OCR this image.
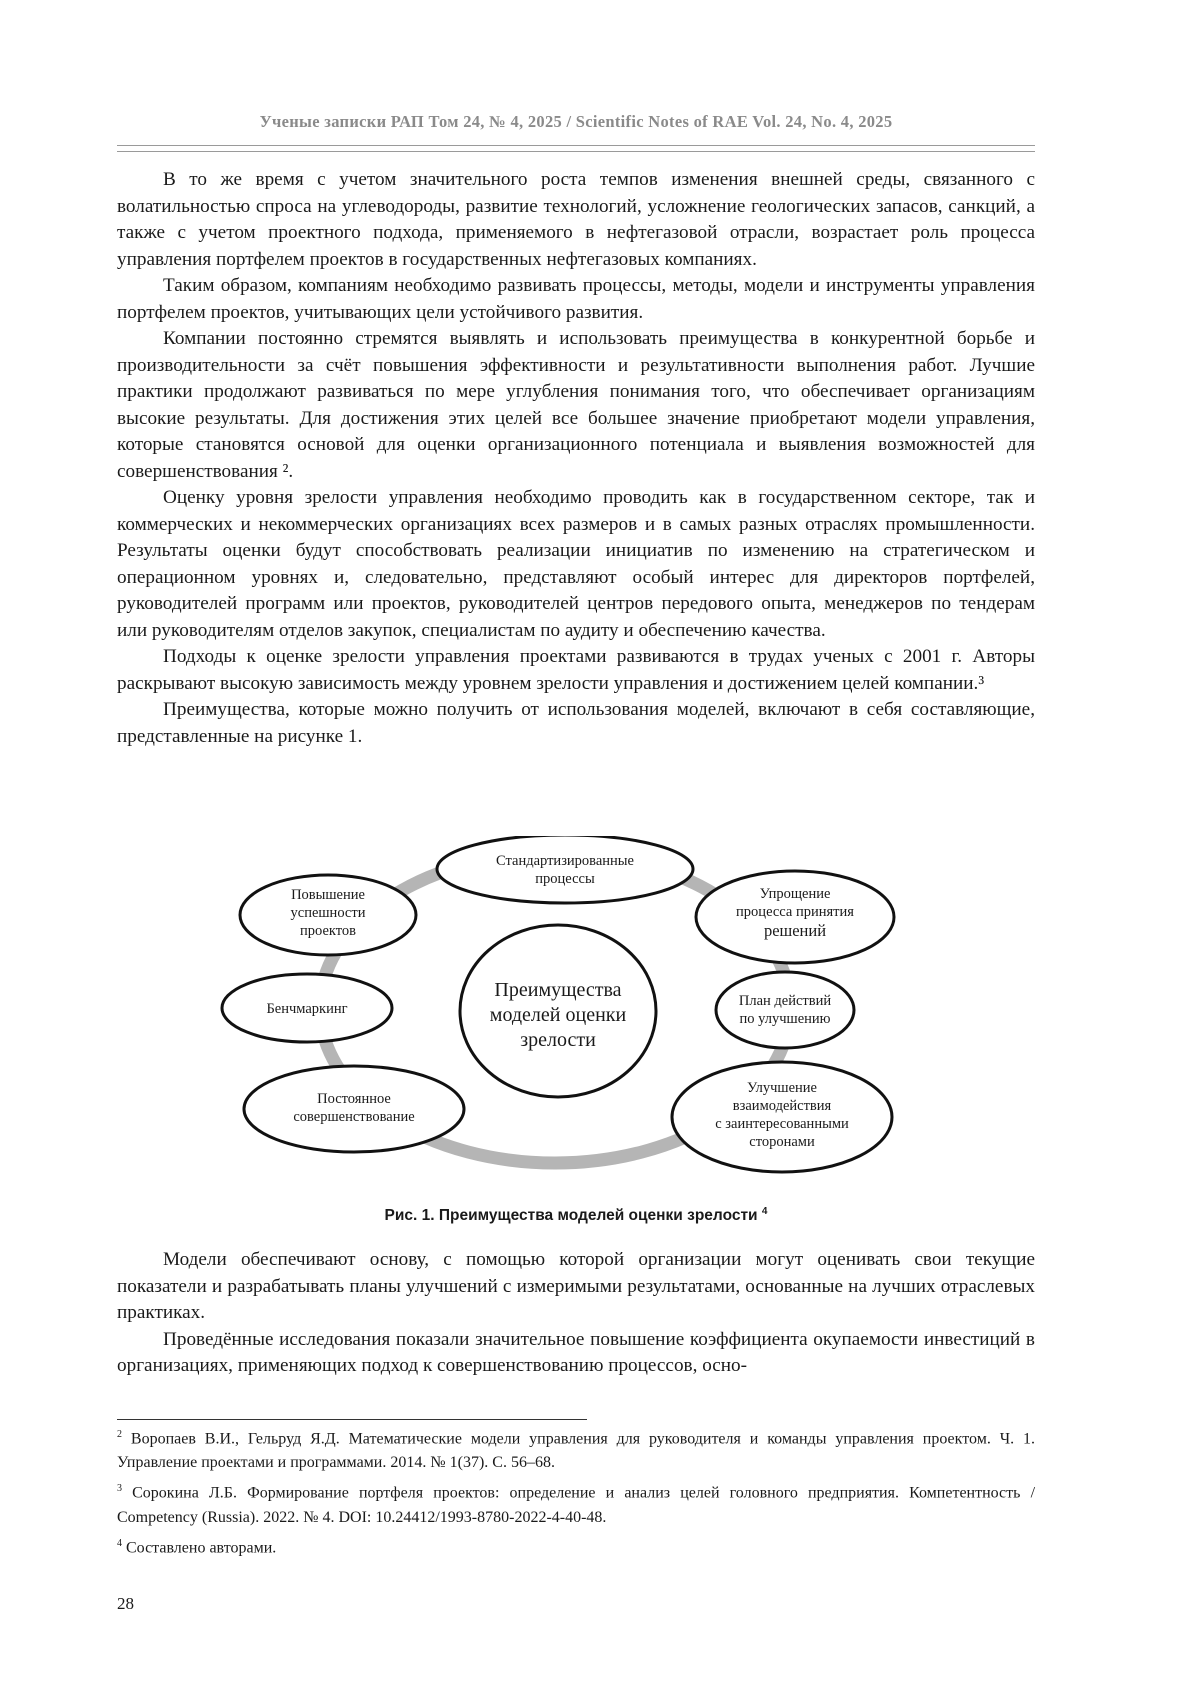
Ученые записки РАП Том 24, № 4, 2025 / Scientific Notes of RAE Vol. 24, No. 4, 2025

В то же время с учетом значительного роста темпов изменения внешней среды, связанного с волатильностью спроса на углеводороды, развитие технологий, усложнение геологических запасов, санкций, а также с учетом проектного подхода, применяемого в нефтегазовой отрасли, возрастает роль процесса управления портфелем проектов в государственных нефтегазовых компаниях.

Таким образом, компаниям необходимо развивать процессы, методы, модели и инструменты управления портфелем проектов, учитывающих цели устойчивого развития.

Компании постоянно стремятся выявлять и использовать преимущества в конкурентной борьбе и производительности за счёт повышения эффективности и результативности выполнения работ. Лучшие практики продолжают развиваться по мере углубления понимания того, что обеспечивает организациям высокие результаты. Для достижения этих целей все большее значение приобретают модели управления, которые становятся основой для оценки организационного потенциала и выявления возможностей для совершенствования ².

Оценку уровня зрелости управления необходимо проводить как в государственном секторе, так и коммерческих и некоммерческих организациях всех размеров и в самых разных отраслях промышленности. Результаты оценки будут способствовать реализации инициатив по изменению на стратегическом и операционном уровнях и, следовательно, представляют особый интерес для директоров портфелей, руководителей программ или проектов, руководителей центров передового опыта, менеджеров по тендерам или руководителям отделов закупок, специалистам по аудиту и обеспечению качества.

Подходы к оценке зрелости управления проектами развиваются в трудах ученых с 2001 г. Авторы раскрывают высокую зависимость между уровнем зрелости управления и достижением целей компании.³

Преимущества, которые можно получить от использования моделей, включают в себя составляющие, представленные на рисунке 1.

Преимущества
моделей оценки
зрелости
Стандартизированные
процессы
Повышение
успешности
проектов
Упрощение
процесса принятия
решений
Бенчмаркинг	План действий
по улучшению
Постоянное
совершенствование
Улучшение
взаимодействия
с заинтересованными
сторонами
Рис. 1. Преимущества моделей оценки зрелости $^4$

Модели обеспечивают основу, с помощью которой организации могут оценивать свои текущие показатели и разрабатывать планы улучшений с измеримыми результатами, основанные на лучших отраслевых практиках.

Проведённые исследования показали значительное повышение коэффициента окупаемости инвестиций в организациях, применяющих подход к совершенствованию процессов, осно-

$^2$ Воропаев В.И., Гельруд Я.Д. Математические модели управления для руководителя и команды управления проектом. Ч. 1. Управление проектами и программами. 2014. № 1(37). С. 56–68.

$^3$ Сорокина Л.Б. Формирование портфеля проектов: определение и анализ целей головного предприятия. Компетентность / Competency (Russia). 2022. № 4. DOI: 10.24412/1993-8780-2022-4-40-48.

$^4$ Составлено авторами.

28
